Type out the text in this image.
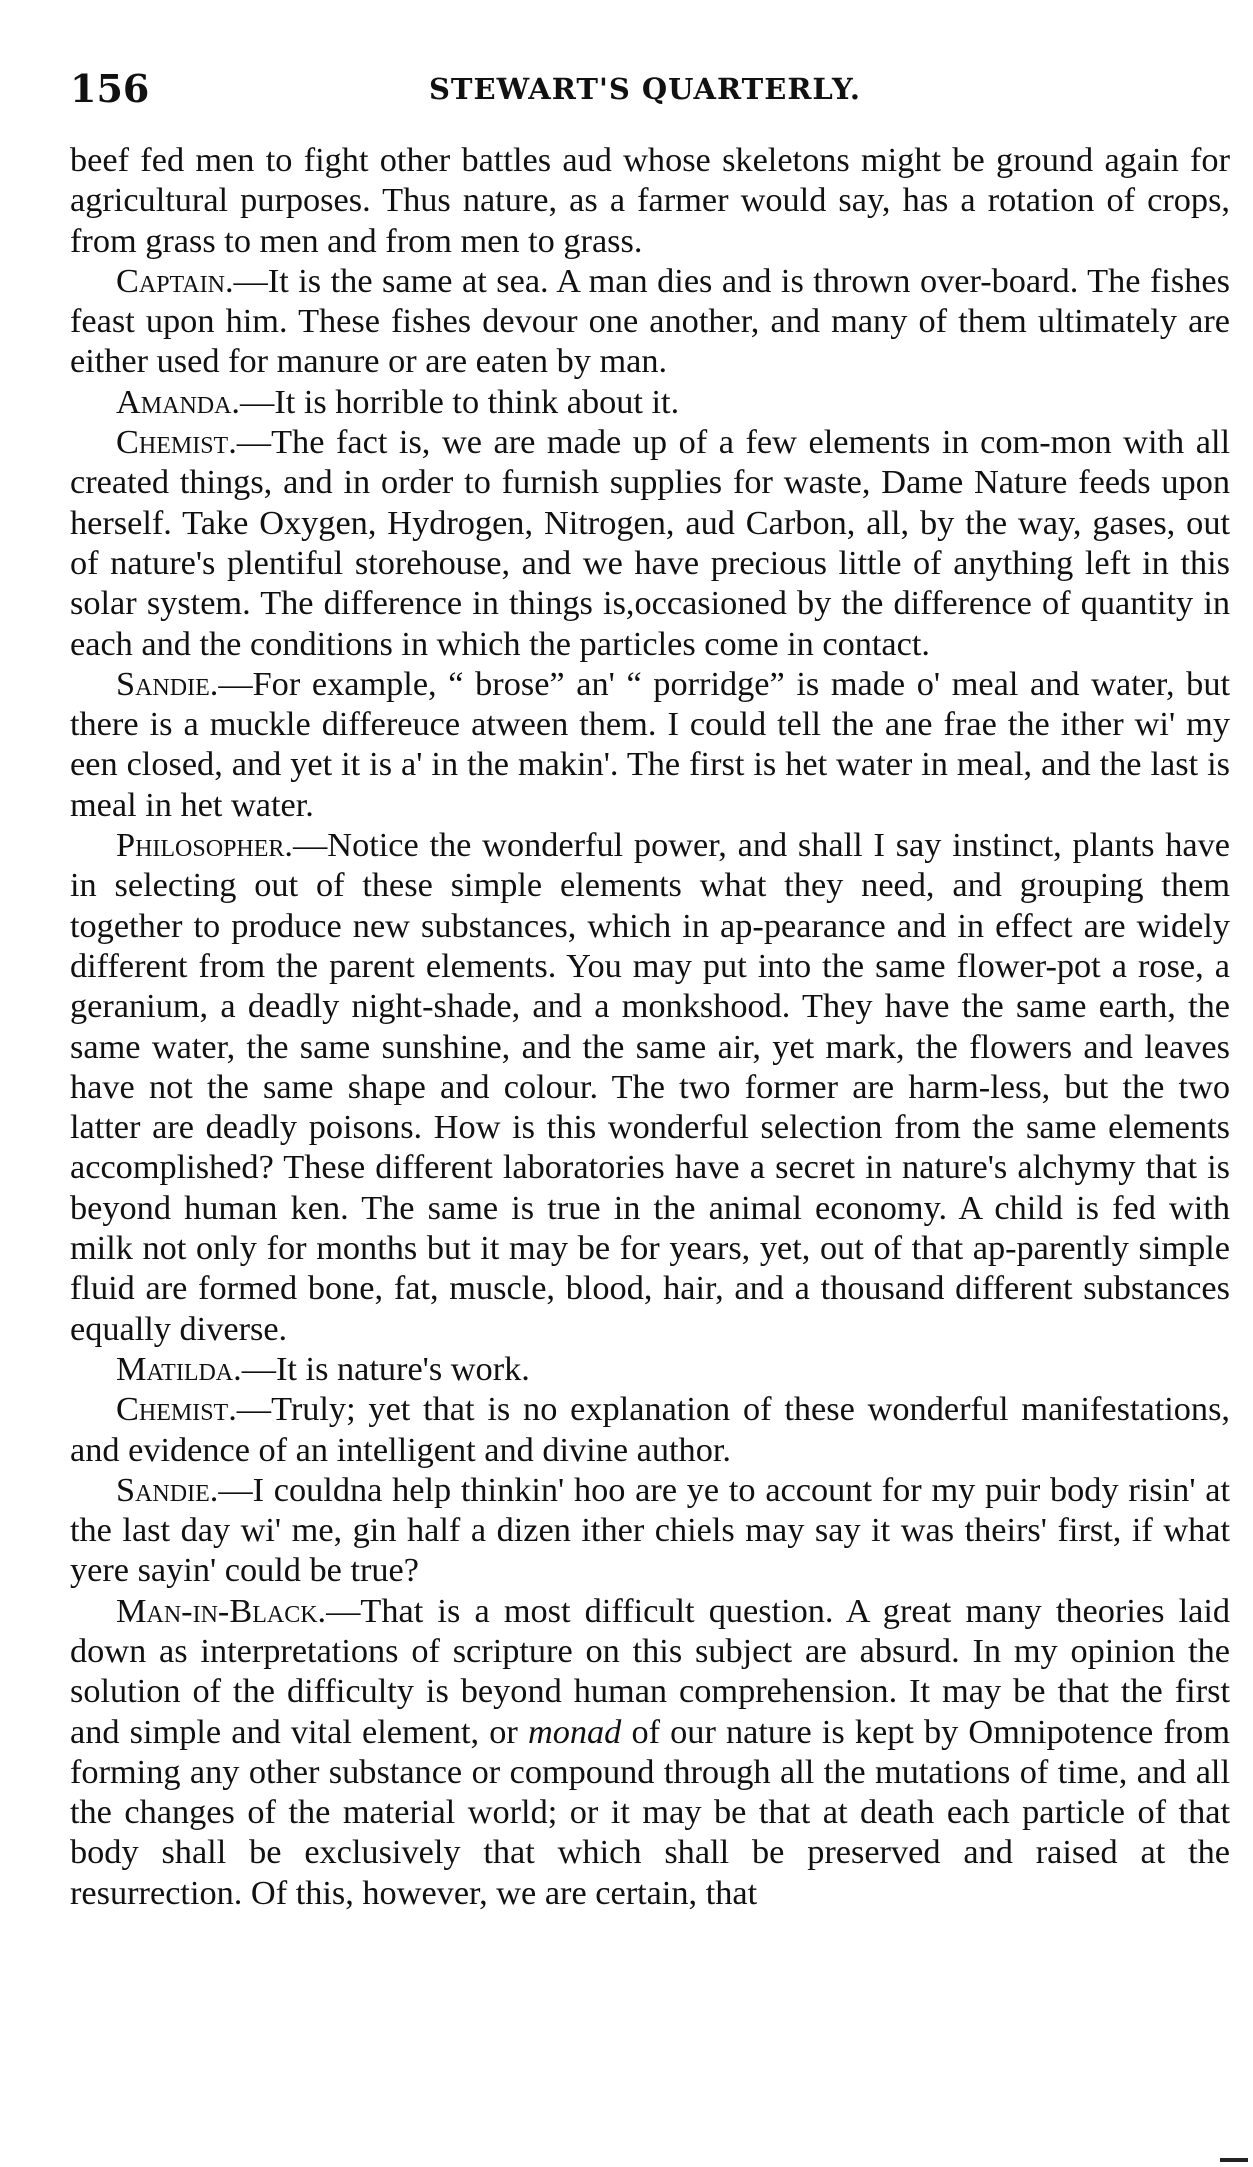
156	STEWART'S QUARTERLY.

beef fed men to fight other battles aud whose skeletons might be ground again for agricultural purposes. Thus nature, as a farmer would say, has a rotation of crops, from grass to men and from men to grass.

Captain.—It is the same at sea. A man dies and is thrown over-board. The fishes feast upon him. These fishes devour one another, and many of them ultimately are either used for manure or are eaten by man.

Amanda.—It is horrible to think about it.

Chemist.—The fact is, we are made up of a few elements in com-mon with all created things, and in order to furnish supplies for waste, Dame Nature feeds upon herself. Take Oxygen, Hydrogen, Nitrogen, aud Carbon, all, by the way, gases, out of nature's plentiful storehouse, and we have precious little of anything left in this solar system. The difference in things is,occasioned by the difference of quantity in each and the conditions in which the particles come in contact.

Sandie.—For example, “ brose” an' “ porridge” is made o' meal and water, but there is a muckle differeuce atween them. I could tell the ane frae the ither wi' my een closed, and yet it is a' in the makin'. The first is het water in meal, and the last is meal in het water.

Philosopher.—Notice the wonderful power, and shall I say instinct, plants have in selecting out of these simple elements what they need, and grouping them together to produce new substances, which in ap-pearance and in effect are widely different from the parent elements. You may put into the same flower-pot a rose, a geranium, a deadly night-shade, and a monkshood. They have the same earth, the same water, the same sunshine, and the same air, yet mark, the flowers and leaves have not the same shape and colour. The two former are harm-less, but the two latter are deadly poisons. How is this wonderful selection from the same elements accomplished? These different laboratories have a secret in nature's alchymy that is beyond human ken. The same is true in the animal economy. A child is fed with milk not only for months but it may be for years, yet, out of that ap-parently simple fluid are formed bone, fat, muscle, blood, hair, and a thousand different substances equally diverse.

Matilda.—It is nature's work.

Chemist.—Truly; yet that is no explanation of these wonderful manifestations, and evidence of an intelligent and divine author.

Sandie.—I couldna help thinkin' hoo are ye to account for my puir body risin' at the last day wi' me, gin half a dizen ither chiels may say it was theirs' first, if what yere sayin' could be true?

Man-in-Black.—That is a most difficult question. A great many theories laid down as interpretations of scripture on this subject are absurd. In my opinion the solution of the difficulty is beyond human comprehension. It may be that the first and simple and vital element, or monad of our nature is kept by Omnipotence from forming any other substance or compound through all the mutations of time, and all the changes of the material world; or it may be that at death each particle of that body shall be exclusively that which shall be preserved and raised at the resurrection. Of this, however, we are certain, that
